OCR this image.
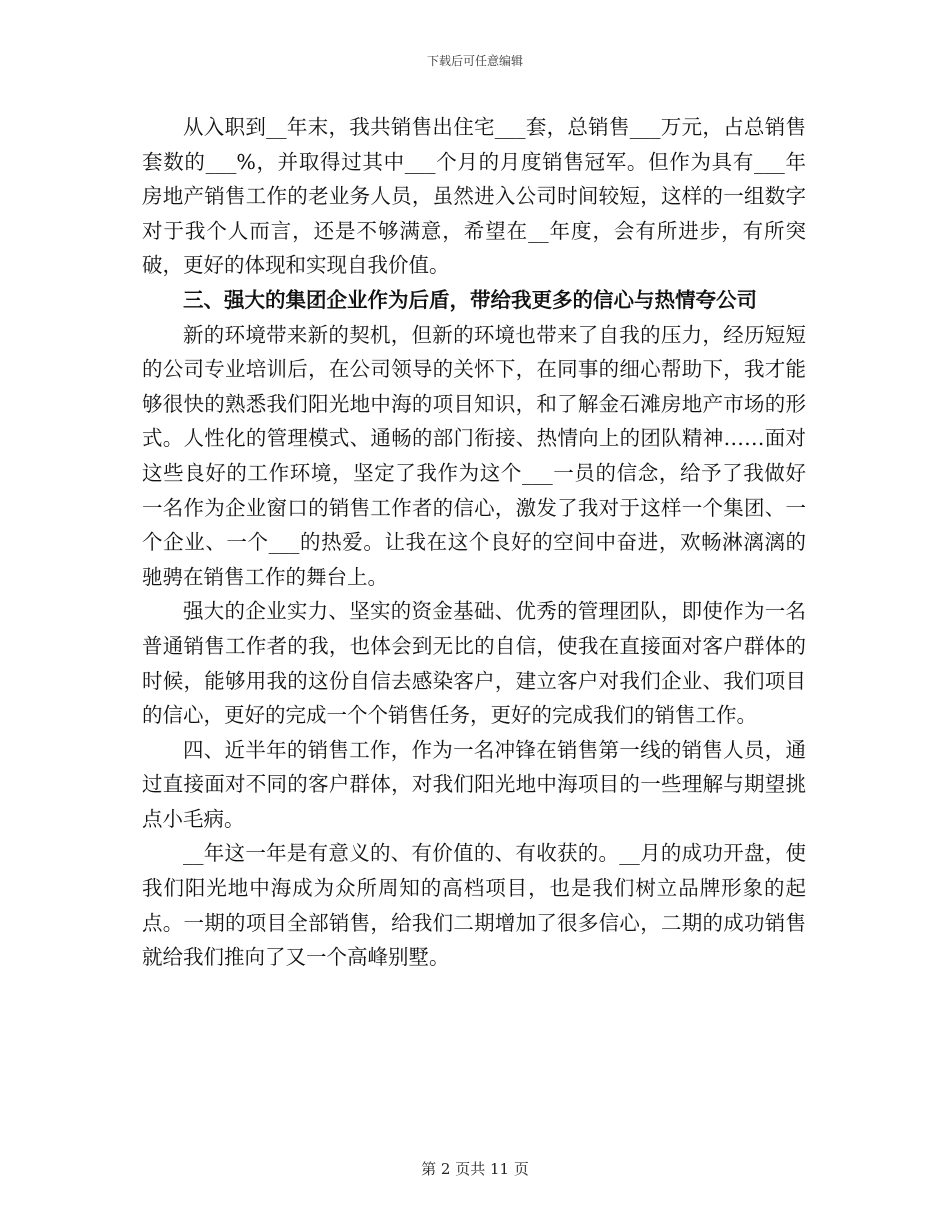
下载后可任意编辑

从入职到__年末，我共销售出住宅___套，总销售___万元，占总销售套数的___%，并取得过其中___个月的月度销售冠军。但作为具有___年房地产销售工作的老业务人员，虽然进入公司时间较短，这样的一组数字对于我个人而言，还是不够满意，希望在__年度，会有所进步，有所突破，更好的体现和实现自我价值。

三、强大的集团企业作为后盾，带给我更多的信心与热情夸公司

新的环境带来新的契机，但新的环境也带来了自我的压力，经历短短的公司专业培训后，在公司领导的关怀下，在同事的细心帮助下，我才能够很快的熟悉我们阳光地中海的项目知识，和了解金石滩房地产市场的形式。人性化的管理模式、通畅的部门衔接、热情向上的团队精神……面对这些良好的工作环境，坚定了我作为这个___一员的信念，给予了我做好一名作为企业窗口的销售工作者的信心，激发了我对于这样一个集团、一个企业、一个___的热爱。让我在这个良好的空间中奋进，欢畅淋漓漓的驰骋在销售工作的舞台上。

强大的企业实力、坚实的资金基础、优秀的管理团队，即使作为一名普通销售工作者的我，也体会到无比的自信，使我在直接面对客户群体的时候，能够用我的这份自信去感染客户，建立客户对我们企业、我们项目的信心，更好的完成一个个销售任务，更好的完成我们的销售工作。

四、近半年的销售工作，作为一名冲锋在销售第一线的销售人员，通过直接面对不同的客户群体，对我们阳光地中海项目的一些理解与期望挑点小毛病。

__年这一年是有意义的、有价值的、有收获的。__月的成功开盘，使我们阳光地中海成为众所周知的高档项目，也是我们树立品牌形象的起点。一期的项目全部销售，给我们二期增加了很多信心，二期的成功销售就给我们推向了又一个高峰别墅。

第 2 页共 11 页
